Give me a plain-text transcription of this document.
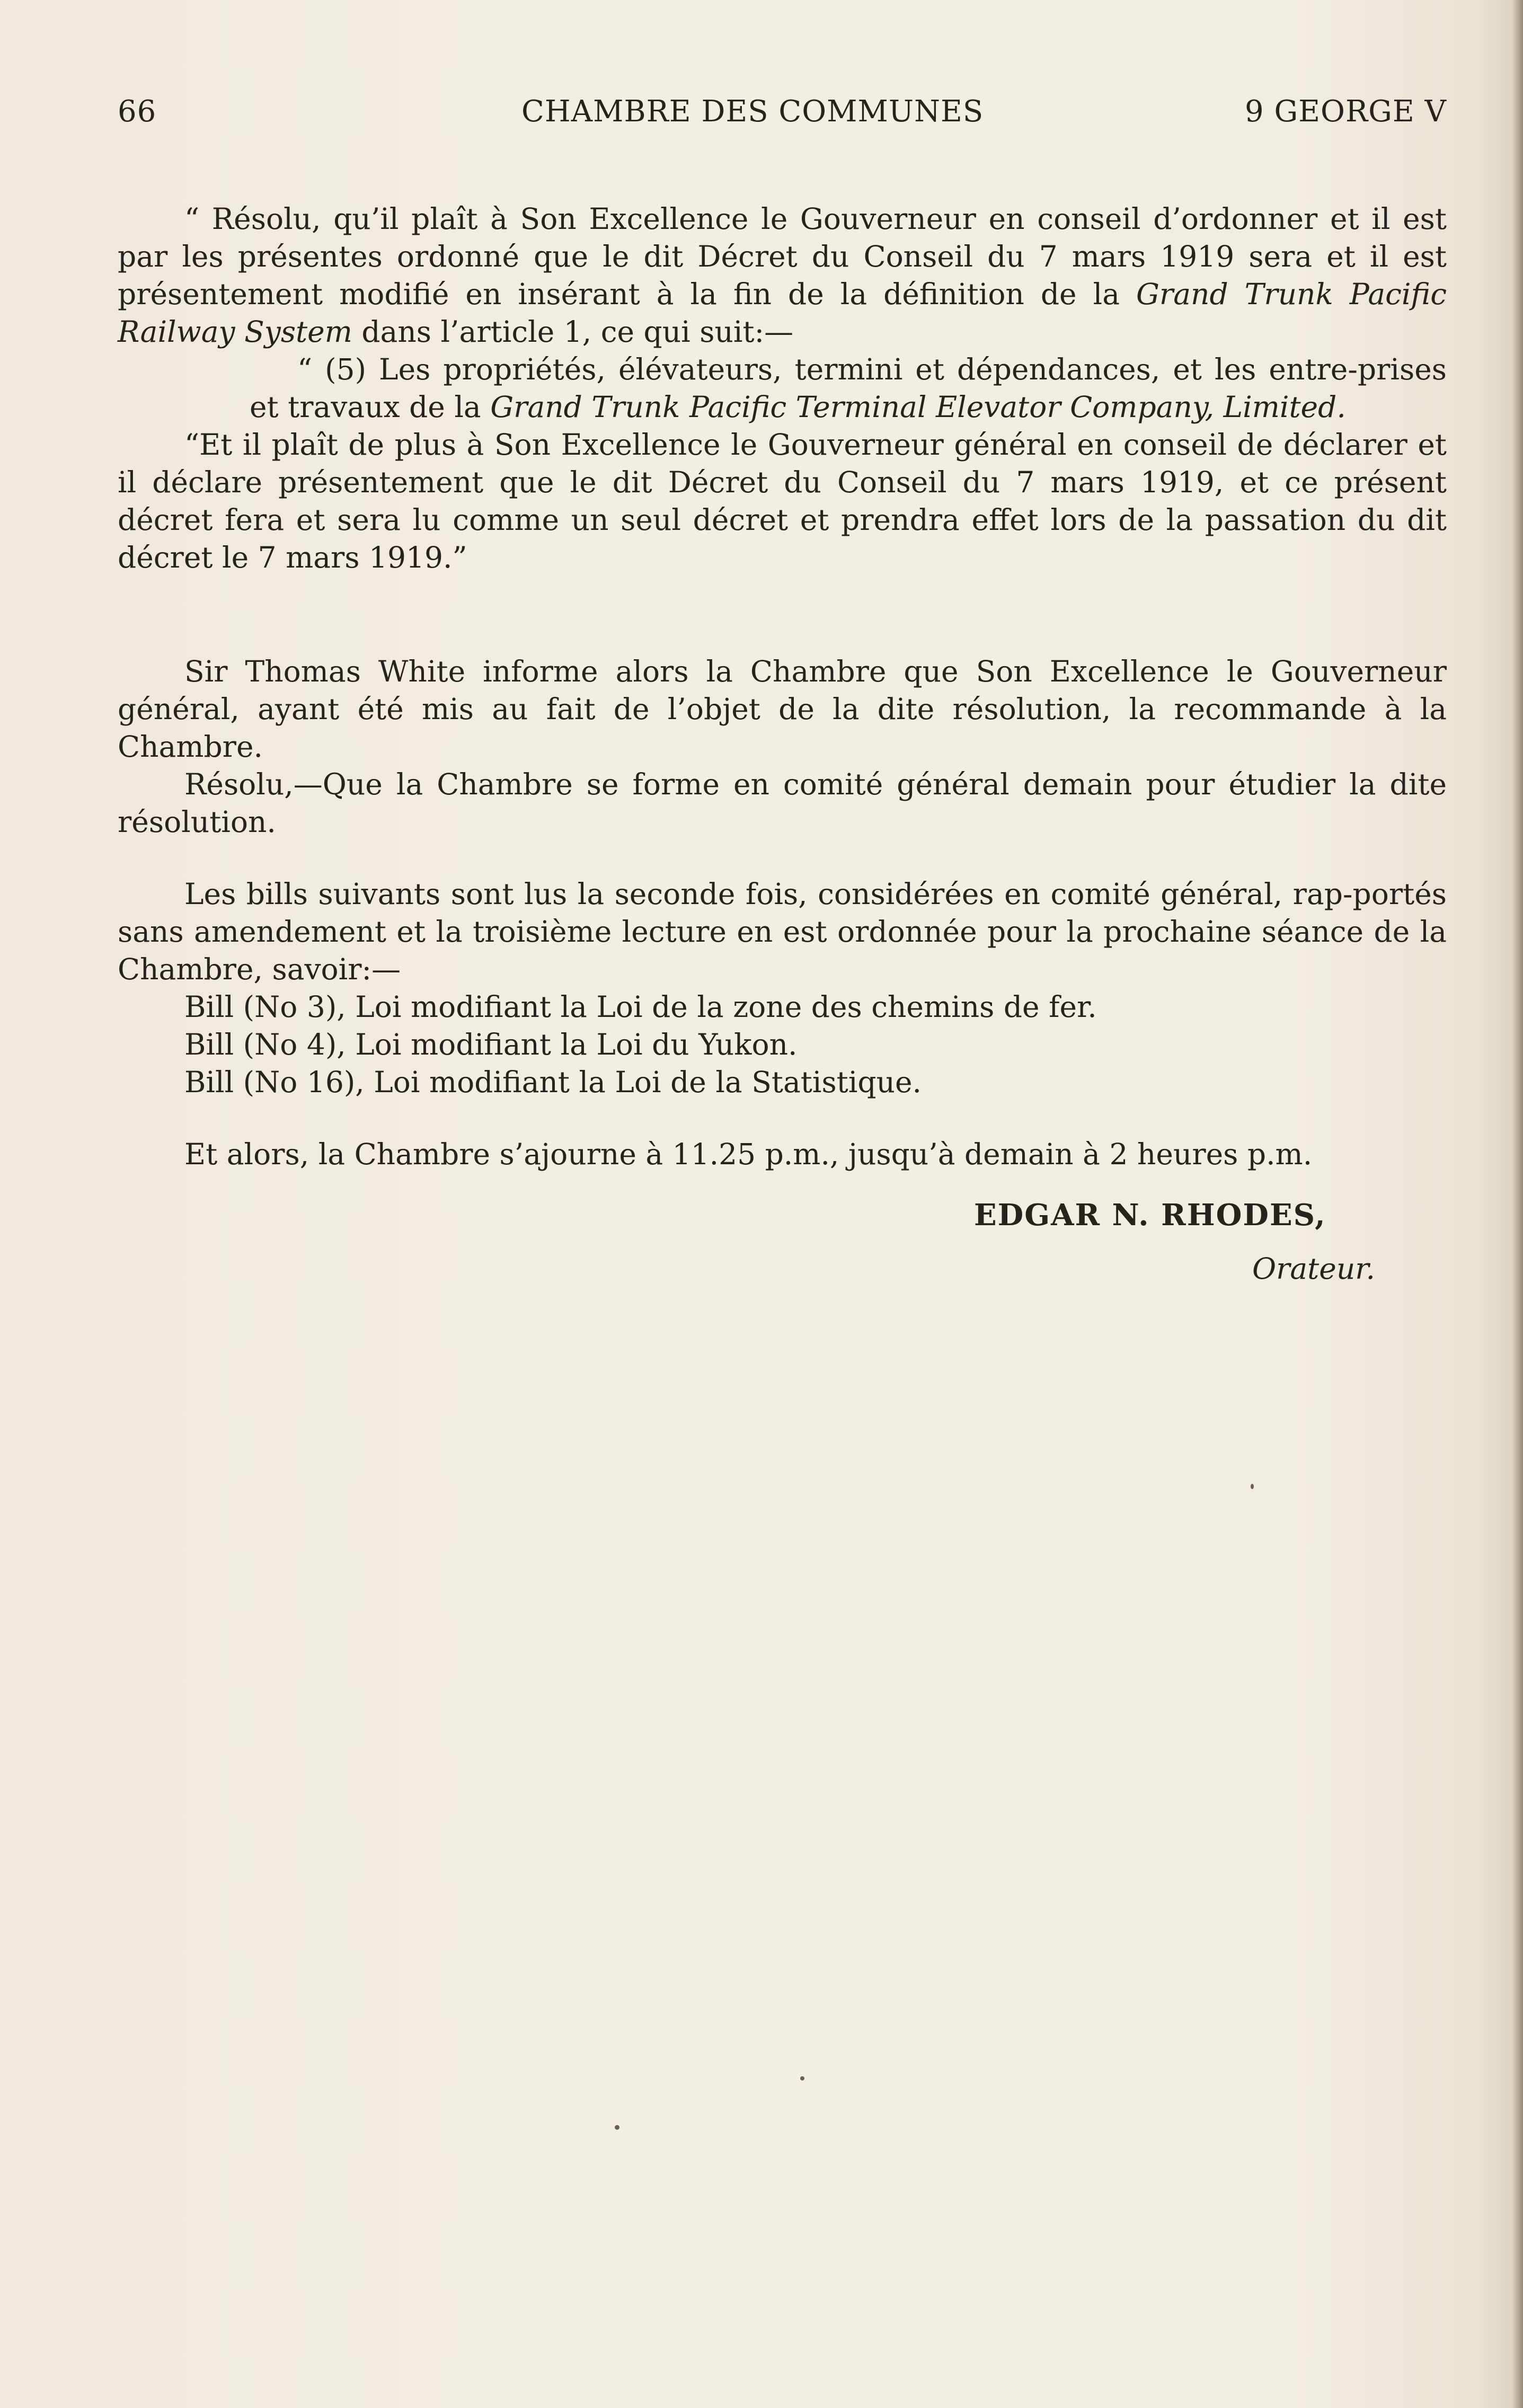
66	CHAMBRE DES COMMUNES	9 GEORGE V

“ Résolu, qu’il plaît à Son Excellence le Gouverneur en conseil d’ordonner et il est par les présentes ordonné que le dit Décret du Conseil du 7 mars 1919 sera et il est présentement modifié en insérant à la fin de la définition de la Grand Trunk Pacific Railway System dans l’article 1, ce qui suit:—

“ (5) Les propriétés, élévateurs, termini et dépendances, et les entre-prises et travaux de la Grand Trunk Pacific Terminal Elevator Company, Limited.

“Et il plaît de plus à Son Excellence le Gouverneur général en conseil de déclarer et il déclare présentement que le dit Décret du Conseil du 7 mars 1919, et ce présent décret fera et sera lu comme un seul décret et prendra effet lors de la passation du dit décret le 7 mars 1919.”

Sir Thomas White informe alors la Chambre que Son Excellence le Gouverneur général, ayant été mis au fait de l’objet de la dite résolution, la recommande à la Chambre.

Résolu,—Que la Chambre se forme en comité général demain pour étudier la dite résolution.

Les bills suivants sont lus la seconde fois, considérées en comité général, rap-portés sans amendement et la troisième lecture en est ordonnée pour la prochaine séance de la Chambre, savoir:—

Bill (No 3), Loi modifiant la Loi de la zone des chemins de fer.

Bill (No 4), Loi modifiant la Loi du Yukon.

Bill (No 16), Loi modifiant la Loi de la Statistique.

Et alors, la Chambre s’ajourne à 11.25 p.m., jusqu’à demain à 2 heures p.m.

EDGAR N. RHODES,
Orateur.
